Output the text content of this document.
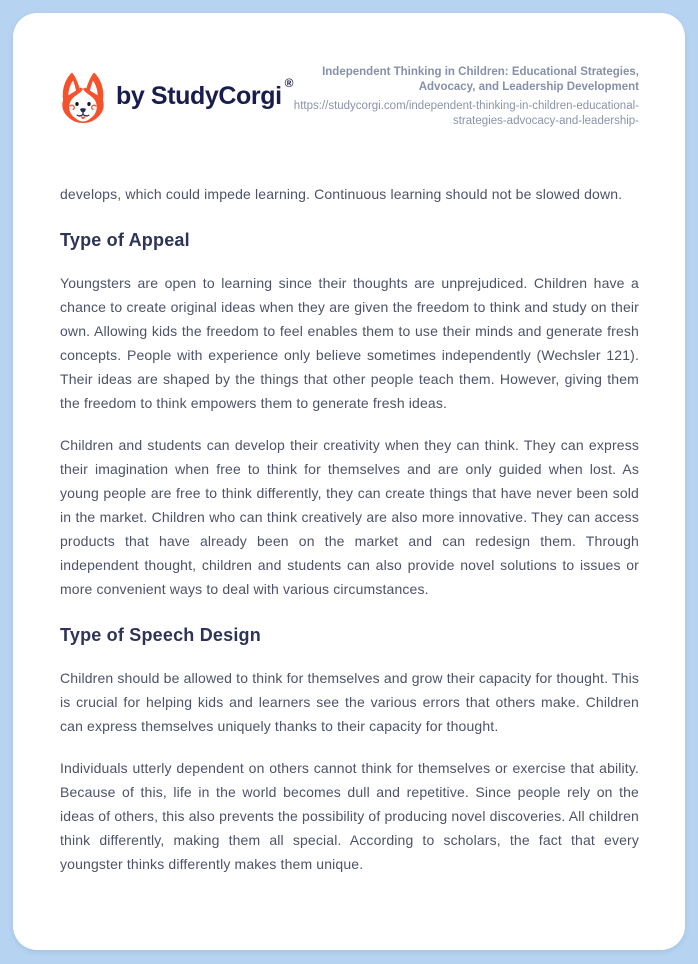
by StudyCorgi ®
Independent Thinking in Children: Educational Strategies, Advocacy, and Leadership Development
https://studycorgi.com/independent-thinking-in-children-educational-strategies-advocacy-and-leadership-

develops, which could impede learning. Continuous learning should not be slowed down.

Type of Appeal

Youngsters are open to learning since their thoughts are unprejudiced. Children have a chance to create original ideas when they are given the freedom to think and study on their own. Allowing kids the freedom to feel enables them to use their minds and generate fresh concepts. People with experience only believe sometimes independently (Wechsler 121). Their ideas are shaped by the things that other people teach them. However, giving them the freedom to think empowers them to generate fresh ideas.

Children and students can develop their creativity when they can think. They can express their imagination when free to think for themselves and are only guided when lost. As young people are free to think differently, they can create things that have never been sold in the market. Children who can think creatively are also more innovative. They can access products that have already been on the market and can redesign them. Through independent thought, children and students can also provide novel solutions to issues or more convenient ways to deal with various circumstances.

Type of Speech Design

Children should be allowed to think for themselves and grow their capacity for thought. This is crucial for helping kids and learners see the various errors that others make. Children can express themselves uniquely thanks to their capacity for thought.

Individuals utterly dependent on others cannot think for themselves or exercise that ability. Because of this, life in the world becomes dull and repetitive. Since people rely on the ideas of others, this also prevents the possibility of producing novel discoveries. All children think differently, making them all special. According to scholars, the fact that every youngster thinks differently makes them unique.
